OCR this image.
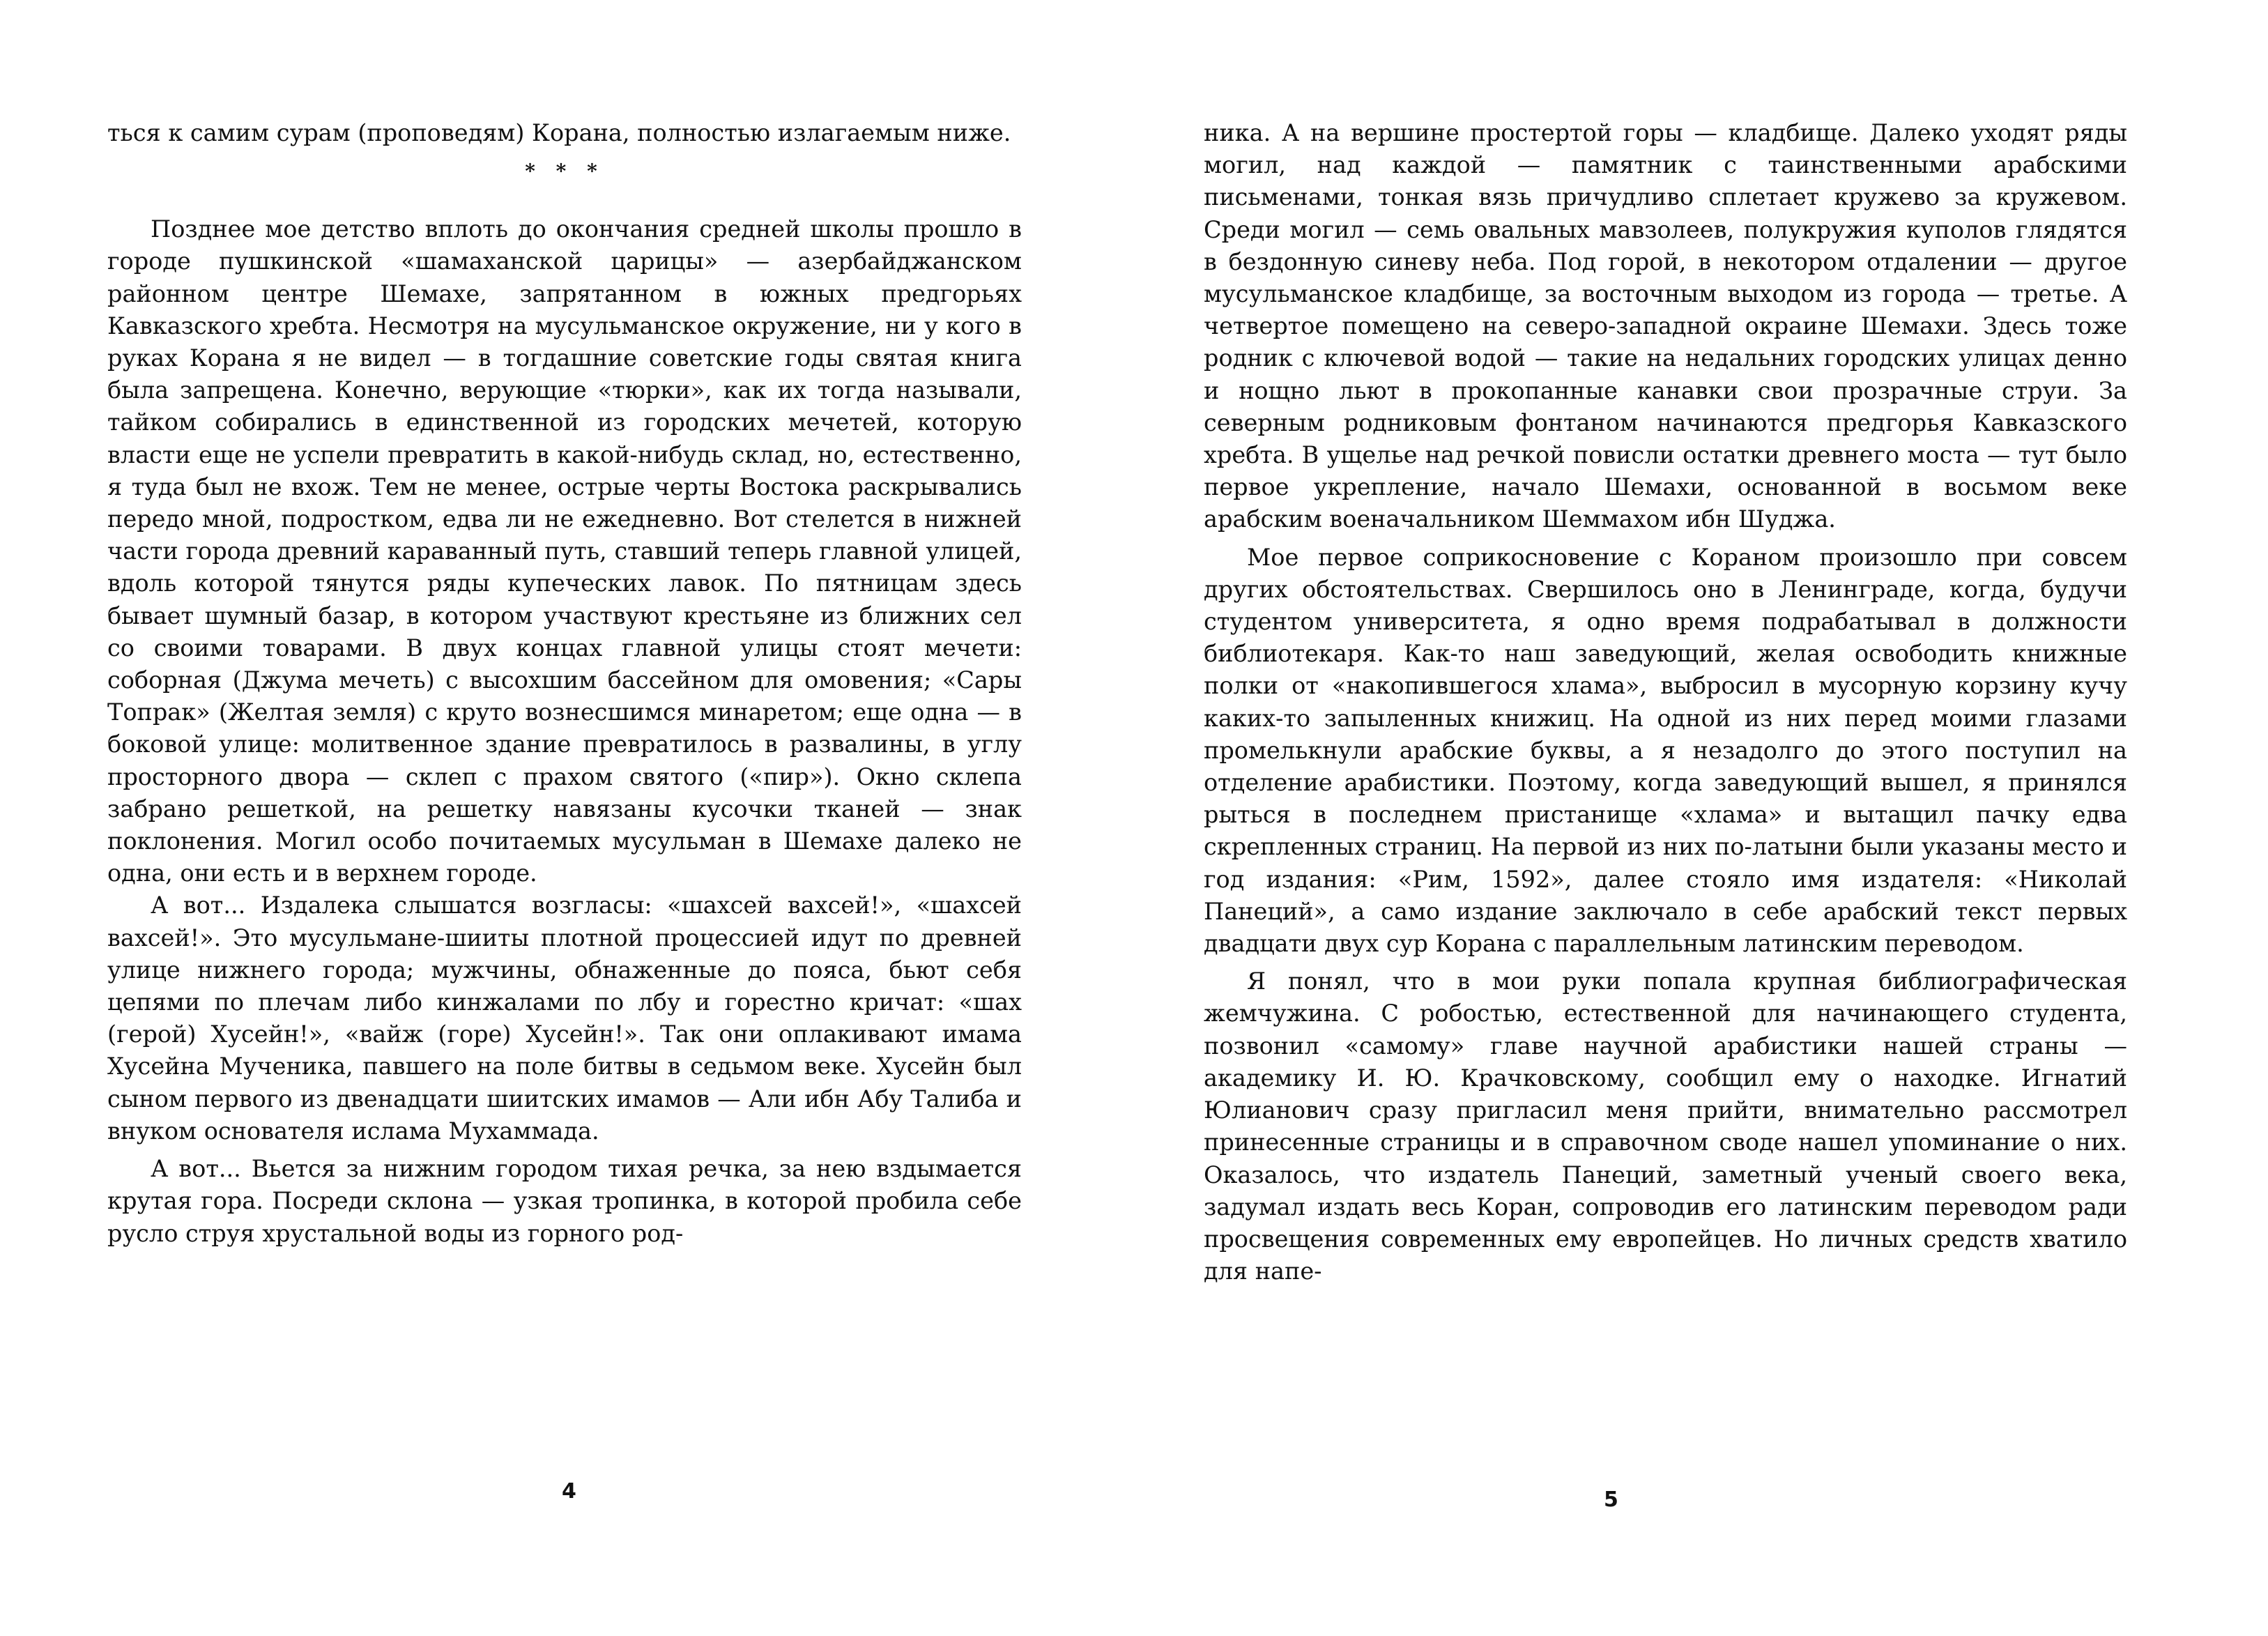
ться к самим сурам (проповедям) Корана, полностью излагаемым ниже.

* * *

Позднее мое детство вплоть до окончания средней школы прошло в городе пушкинской «шамаханской царицы» — азербайджанском районном центре Шемахе, запрятанном в южных предгорьях Кавказского хребта. Несмотря на мусульманское окружение, ни у кого в руках Корана я не видел — в тогдашние советские годы святая книга была запрещена. Конечно, верующие «тюрки», как их тогда называли, тайком собирались в единственной из городских мечетей, которую власти еще не успели превратить в какой-нибудь склад, но, естественно, я туда был не вхож. Тем не менее, острые черты Востока раскрывались передо мной, подростком, едва ли не ежедневно. Вот стелется в нижней части города древний караванный путь, ставший теперь главной улицей, вдоль которой тянутся ряды купеческих лавок. По пятницам здесь бывает шумный базар, в котором участвуют крестьяне из ближних сел со своими товарами. В двух концах главной улицы стоят мечети: соборная (Джума мечеть) с высохшим бассейном для омовения; «Сары Топрак» (Желтая земля) с круто вознесшимся минаретом; еще одна — в боковой улице: молитвенное здание превратилось в развалины, в углу просторного двора — склеп с прахом святого («пир»). Окно склепа забрано решеткой, на решетку навязаны кусочки тканей — знак поклонения. Могил особо почитаемых мусульман в Шемахе далеко не одна, они есть и в верхнем городе.

А вот... Издалека слышатся возгласы: «шахсей вахсей!», «шахсей вахсей!». Это мусульмане-шииты плотной процессией идут по древней улице нижнего города; мужчины, обнаженные до пояса, бьют себя цепями по плечам либо кинжалами по лбу и горестно кричат: «шах (герой) Хусейн!», «вайж (горе) Хусейн!». Так они оплакивают имама Хусейна Мученика, павшего на поле битвы в седьмом веке. Хусейн был сыном первого из двенадцати шиитских имамов — Али ибн Абу Талиба и внуком основателя ислама Мухаммада.

А вот... Вьется за нижним городом тихая речка, за нею вздымается крутая гора. Посреди склона — узкая тропинка, в которой пробила себе русло струя хрустальной воды из горного род-

4

ника. А на вершине простертой горы — кладбище. Далеко уходят ряды могил, над каждой — памятник с таинственными арабскими письменами, тонкая вязь причудливо сплетает кружево за кружевом. Среди могил — семь овальных мавзолеев, полукружия куполов глядятся в бездонную синеву неба. Под горой, в некотором отдалении — другое мусульманское кладбище, за восточным выходом из города — третье. А четвертое помещено на северо-западной окраине Шемахи. Здесь тоже родник с ключевой водой — такие на недальних городских улицах денно и нощно льют в прокопанные канавки свои прозрачные струи. За северным родниковым фонтаном начинаются предгорья Кавказского хребта. В ущелье над речкой повисли остатки древнего моста — тут было первое укрепление, начало Шемахи, основанной в восьмом веке арабским военачальником Шеммахом ибн Шуджа.

Мое первое соприкосновение с Кораном произошло при совсем других обстоятельствах. Свершилось оно в Ленинграде, когда, будучи студентом университета, я одно время подрабатывал в должности библиотекаря. Как-то наш заведующий, желая освободить книжные полки от «накопившегося хлама», выбросил в мусорную корзину кучу каких-то запыленных книжиц. На одной из них перед моими глазами промелькнули арабские буквы, а я незадолго до этого поступил на отделение арабистики. Поэтому, когда заведующий вышел, я принялся рыться в последнем пристанище «хлама» и вытащил пачку едва скрепленных страниц. На первой из них по-латыни были указаны место и год издания: «Рим, 1592», далее стояло имя издателя: «Николай Панеций», а само издание заключало в себе арабский текст первых двадцати двух сур Корана с параллельным латинским переводом.

Я понял, что в мои руки попала крупная библиографическая жемчужина. С робостью, естественной для начинающего студента, позвонил «самому» главе научной арабистики нашей страны — академику И. Ю. Крачковскому, сообщил ему о находке. Игнатий Юлианович сразу пригласил меня прийти, внимательно рассмотрел принесенные страницы и в справочном своде нашел упоминание о них. Оказалось, что издатель Панеций, заметный ученый своего века, задумал издать весь Коран, сопроводив его латинским переводом ради просвещения современных ему европейцев. Но личных средств хватило для напе-

5
